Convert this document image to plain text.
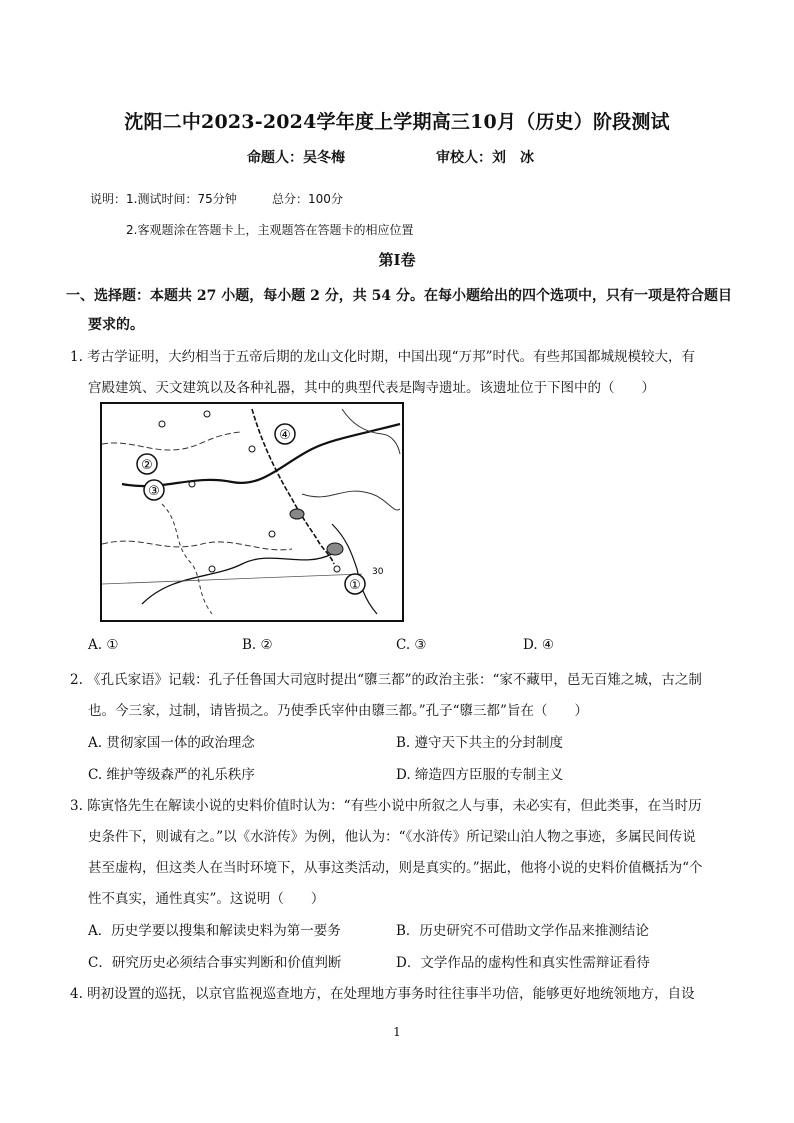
沈阳二中2023-2024学年度上学期高三10月（历史）阶段测试
命题人：吴冬梅	审校人：刘　冰
说明： 1.测试时间：75分钟	总分：100分
2.客观题涂在答题卡上，主观题答在答题卡的相应位置
第Ⅰ卷
一、选择题：本题共 27 小题，每小题 2 分，共 54 分。在每小题给出的四个选项中，只有一项是符合题目
要求的。
1. 考古学证明，大约相当于五帝后期的龙山文化时期，中国出现“万邦”时代。有些邦国都城规模较大，有
宫殿建筑、天文建筑以及各种礼器，其中的典型代表是陶寺遗址。该遗址位于下图中的（　　）
④
②
③
①
30
A. ①	B. ②	C. ③	D. ④
2. 《孔氏家语》记载：孔子任鲁国大司寇时提出“隳三都”的政治主张：“家不藏甲，邑无百雉之城，古之制
也。今三家，过制，请皆损之。乃使季氏宰仲由隳三都。”孔子“隳三都”旨在（　　）
A. 贯彻家国一体的政治理念	B. 遵守天下共主的分封制度
C. 维护等级森严的礼乐秩序	D. 缔造四方臣服的专制主义
3. 陈寅恪先生在解读小说的史料价值时认为：“有些小说中所叙之人与事，未必实有，但此类事，在当时历
史条件下，则诚有之。”以《水浒传》为例，他认为：“《水浒传》所记梁山泊人物之事迹，多属民间传说
甚至虚构，但这类人在当时环境下，从事这类活动，则是真实的。”据此，他将小说的史料价值概括为“个
性不真实，通性真实”。这说明（　　）
A．历史学要以搜集和解读史料为第一要务	B．历史研究不可借助文学作品来推测结论
C．研究历史必须结合事实判断和价值判断	D．文学作品的虚构性和真实性需辩证看待
4. 明初设置的巡抚，以京官监视巡查地方，在处理地方事务时往往事半功倍，能够更好地统领地方，自设
1
